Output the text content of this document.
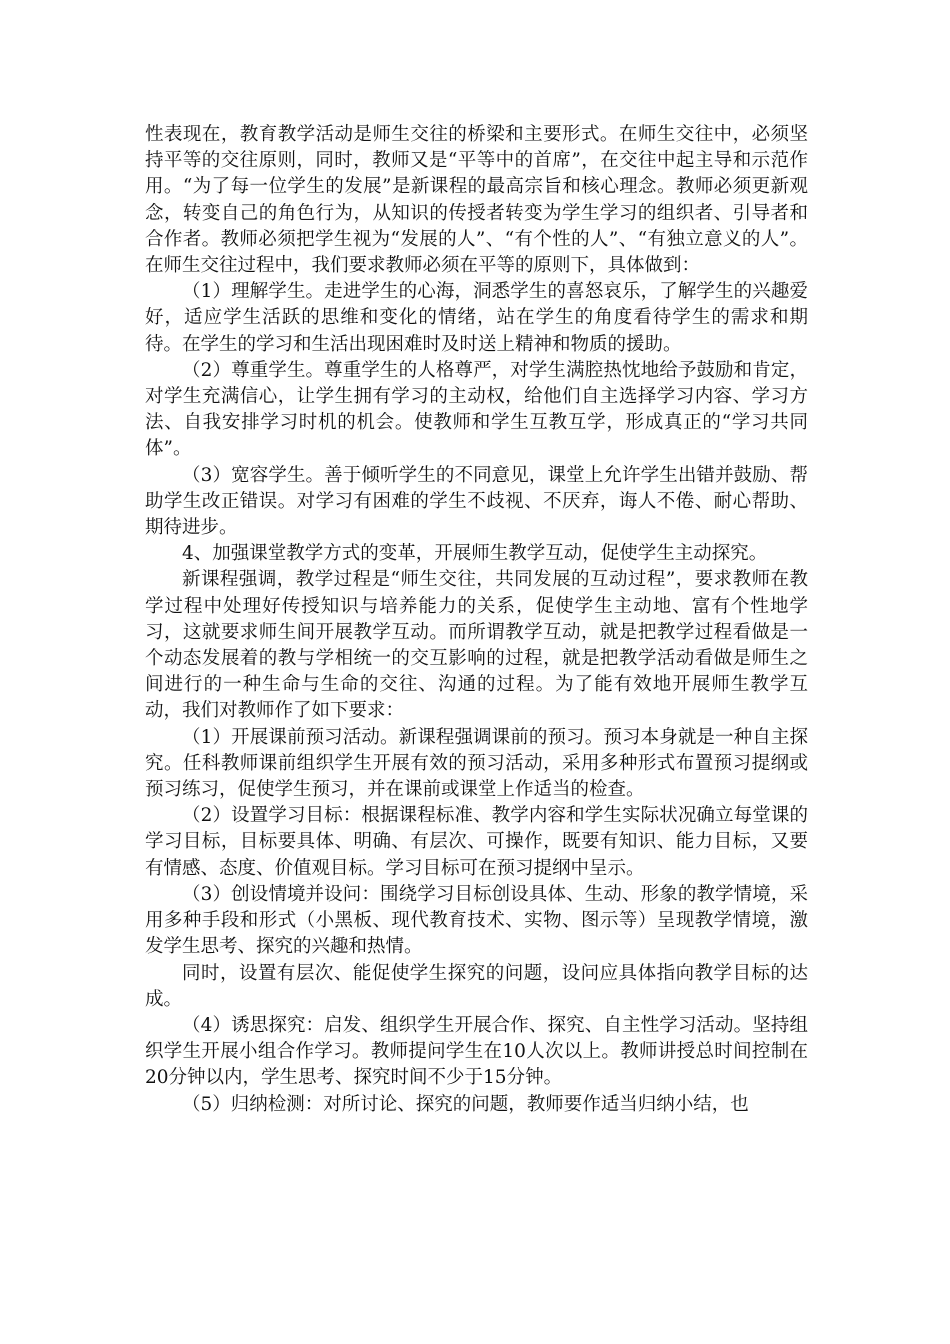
性表现在，教育教学活动是师生交往的桥梁和主要形式。在师生交往中，必须坚持平等的交往原则，同时，教师又是“平等中的首席”，在交往中起主导和示范作用。“为了每一位学生的发展”是新课程的最高宗旨和核心理念。教师必须更新观念，转变自己的角色行为，从知识的传授者转变为学生学习的组织者、引导者和合作者。教师必须把学生视为“发展的人”、“有个性的人”、“有独立意义的人”。在师生交往过程中，我们要求教师必须在平等的原则下，具体做到：

（1）理解学生。走进学生的心海，洞悉学生的喜怒哀乐，了解学生的兴趣爱好，适应学生活跃的思维和变化的情绪，站在学生的角度看待学生的需求和期待。在学生的学习和生活出现困难时及时送上精神和物质的援助。

（2）尊重学生。尊重学生的人格尊严，对学生满腔热忱地给予鼓励和肯定，对学生充满信心，让学生拥有学习的主动权，给他们自主选择学习内容、学习方法、自我安排学习时机的机会。使教师和学生互教互学，形成真正的“学习共同体”。

（3）宽容学生。善于倾听学生的不同意见，课堂上允许学生出错并鼓励、帮助学生改正错误。对学习有困难的学生不歧视、不厌弃，诲人不倦、耐心帮助、期待进步。

4、加强课堂教学方式的变革，开展师生教学互动，促使学生主动探究。

新课程强调，教学过程是“师生交往，共同发展的互动过程”，要求教师在教学过程中处理好传授知识与培养能力的关系，促使学生主动地、富有个性地学习，这就要求师生间开展教学互动。而所谓教学互动，就是把教学过程看做是一个动态发展着的教与学相统一的交互影响的过程，就是把教学活动看做是师生之间进行的一种生命与生命的交往、沟通的过程。为了能有效地开展师生教学互动，我们对教师作了如下要求：

（1）开展课前预习活动。新课程强调课前的预习。预习本身就是一种自主探究。任科教师课前组织学生开展有效的预习活动，采用多种形式布置预习提纲或预习练习，促使学生预习，并在课前或课堂上作适当的检查。

（2）设置学习目标：根据课程标准、教学内容和学生实际状况确立每堂课的学习目标，目标要具体、明确、有层次、可操作，既要有知识、能力目标，又要有情感、态度、价值观目标。学习目标可在预习提纲中呈示。

（3）创设情境并设问：围绕学习目标创设具体、生动、形象的教学情境，采用多种手段和形式（小黑板、现代教育技术、实物、图示等）呈现教学情境，激发学生思考、探究的兴趣和热情。

同时，设置有层次、能促使学生探究的问题，设问应具体指向教学目标的达成。

（4）诱思探究：启发、组织学生开展合作、探究、自主性学习活动。坚持组织学生开展小组合作学习。教师提问学生在10人次以上。教师讲授总时间控制在20分钟以内，学生思考、探究时间不少于15分钟。

（5）归纳检测：对所讨论、探究的问题，教师要作适当归纳小结，也
